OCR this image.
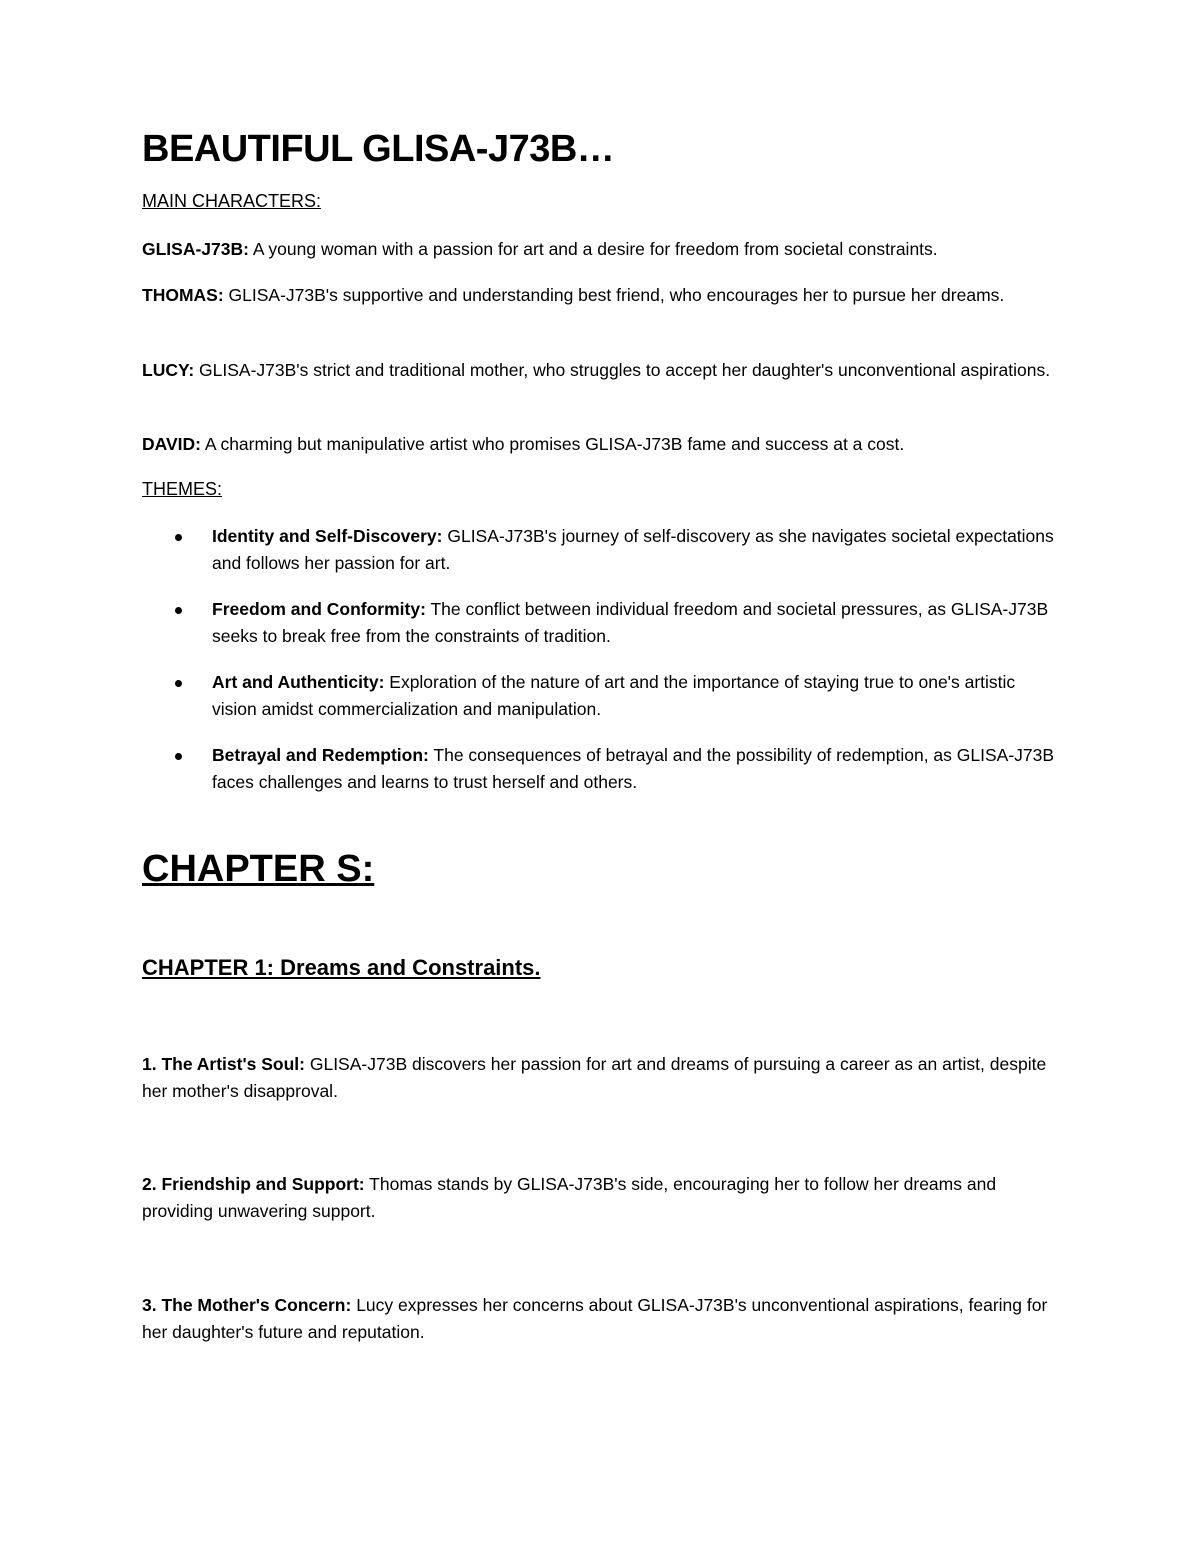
BEAUTIFUL GLISA-J73B…

MAIN CHARACTERS:

GLISA-J73B: A young woman with a passion for art and a desire for freedom from societal constraints.

THOMAS: GLISA-J73B's supportive and understanding best friend, who encourages her to pursue her dreams.

LUCY: GLISA-J73B's strict and traditional mother, who struggles to accept her daughter's unconventional aspirations.

DAVID: A charming but manipulative artist who promises GLISA-J73B fame and success at a cost.

THEMES:

Identity and Self-Discovery: GLISA-J73B's journey of self-discovery as she navigates societal expectations and follows her passion for art.
Freedom and Conformity: The conflict between individual freedom and societal pressures, as GLISA-J73B seeks to break free from the constraints of tradition.
Art and Authenticity: Exploration of the nature of art and the importance of staying true to one's artistic vision amidst commercialization and manipulation.
Betrayal and Redemption: The consequences of betrayal and the possibility of redemption, as GLISA-J73B faces challenges and learns to trust herself and others.
CHAPTER S:
CHAPTER 1: Dreams and Constraints.

1. The Artist's Soul: GLISA-J73B discovers her passion for art and dreams of pursuing a career as an artist, despite her mother's disapproval.

2. Friendship and Support: Thomas stands by GLISA-J73B's side, encouraging her to follow her dreams and providing unwavering support.

3. The Mother's Concern: Lucy expresses her concerns about GLISA-J73B's unconventional aspirations, fearing for her daughter's future and reputation.
